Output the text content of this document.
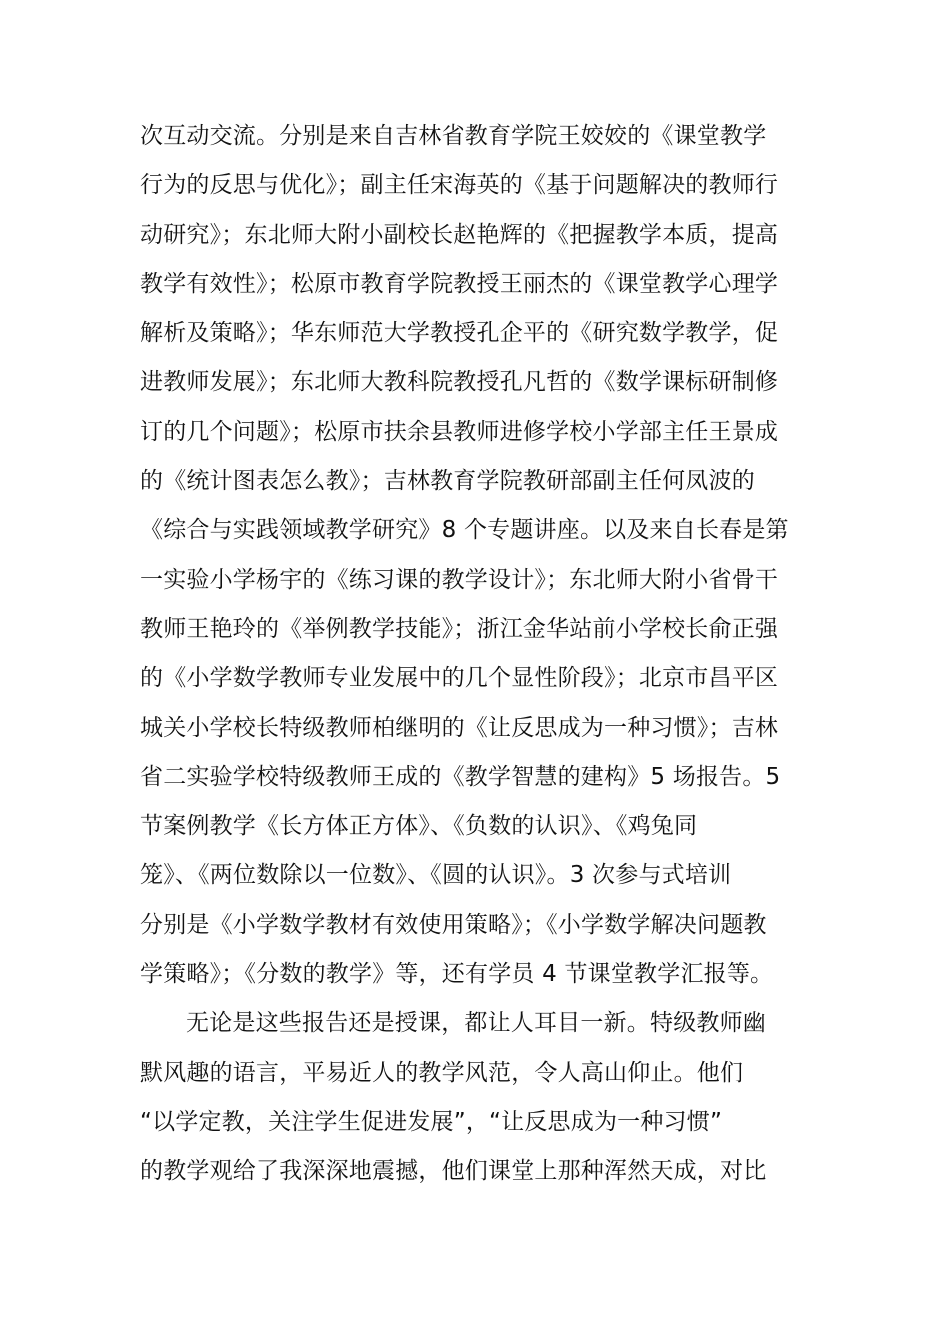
次互动交流。分别是来自吉林省教育学院王姣姣的《课堂教学
行为的反思与优化》；副主任宋海英的《基于问题解决的教师行
动研究》；东北师大附小副校长赵艳辉的《把握教学本质，提高
教学有效性》；松原市教育学院教授王丽杰的《课堂教学心理学
解析及策略》；华东师范大学教授孔企平的《研究数学教学，促
进教师发展》；东北师大教科院教授孔凡哲的《数学课标研制修
订的几个问题》；松原市扶余县教师进修学校小学部主任王景成
的《统计图表怎么教》；吉林教育学院教研部副主任何凤波的
《综合与实践领域教学研究》8 个专题讲座。以及来自长春是第
一实验小学杨宇的《练习课的教学设计》；东北师大附小省骨干
教师王艳玲的《举例教学技能》；浙江金华站前小学校长俞正强
的《小学数学教师专业发展中的几个显性阶段》；北京市昌平区
城关小学校长特级教师柏继明的《让反思成为一种习惯》；吉林
省二实验学校特级教师王成的《教学智慧的建构》5 场报告。5
节案例教学《长方体正方体》、《负数的认识》、《鸡兔同
笼》、《两位数除以一位数》、《圆的认识》。3 次参与式培训
分别是《小学数学教材有效使用策略》；《小学数学解决问题教
学策略》；《分数的教学》等，还有学员 4 节课堂教学汇报等。
无论是这些报告还是授课，都让人耳目一新。特级教师幽
默风趣的语言，平易近人的教学风范，令人高山仰止。他们
“以学定教，关注学生促进发展”，“让反思成为一种习惯”
的教学观给了我深深地震撼，他们课堂上那种浑然天成，对比
